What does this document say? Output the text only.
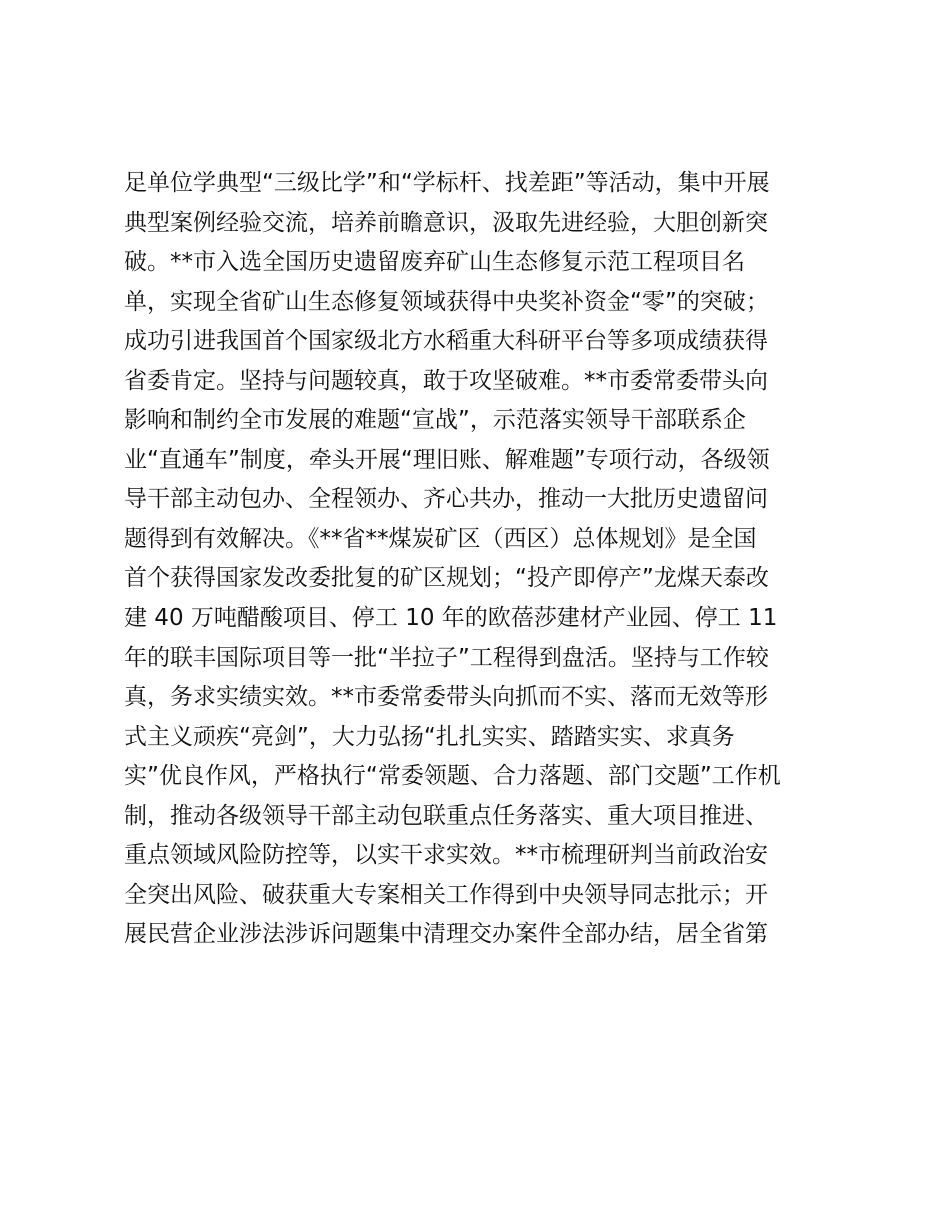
足单位学典型“三级比学”和“学标杆、找差距”等活动，集中开展
典型案例经验交流，培养前瞻意识，汲取先进经验，大胆创新突
破。**市入选全国历史遗留废弃矿山生态修复示范工程项目名
单，实现全省矿山生态修复领域获得中央奖补资金“零”的突破；
成功引进我国首个国家级北方水稻重大科研平台等多项成绩获得
省委肯定。坚持与问题较真，敢于攻坚破难。**市委常委带头向
影响和制约全市发展的难题“宣战”，示范落实领导干部联系企
业“直通车”制度，牵头开展“理旧账、解难题”专项行动，各级领
导干部主动包办、全程领办、齐心共办，推动一大批历史遗留问
题得到有效解决。《**省**煤炭矿区（西区）总体规划》是全国
首个获得国家发改委批复的矿区规划；“投产即停产”龙煤天泰改
建 40 万吨醋酸项目、停工 10 年的欧蓓莎建材产业园、停工 11
年的联丰国际项目等一批“半拉子”工程得到盘活。坚持与工作较
真，务求实绩实效。**市委常委带头向抓而不实、落而无效等形
式主义顽疾“亮剑”，大力弘扬“扎扎实实、踏踏实实、求真务
实”优良作风，严格执行“常委领题、合力落题、部门交题”工作机
制，推动各级领导干部主动包联重点任务落实、重大项目推进、
重点领域风险防控等，以实干求实效。**市梳理研判当前政治安
全突出风险、破获重大专案相关工作得到中央领导同志批示；开
展民营企业涉法涉诉问题集中清理交办案件全部办结，居全省第
